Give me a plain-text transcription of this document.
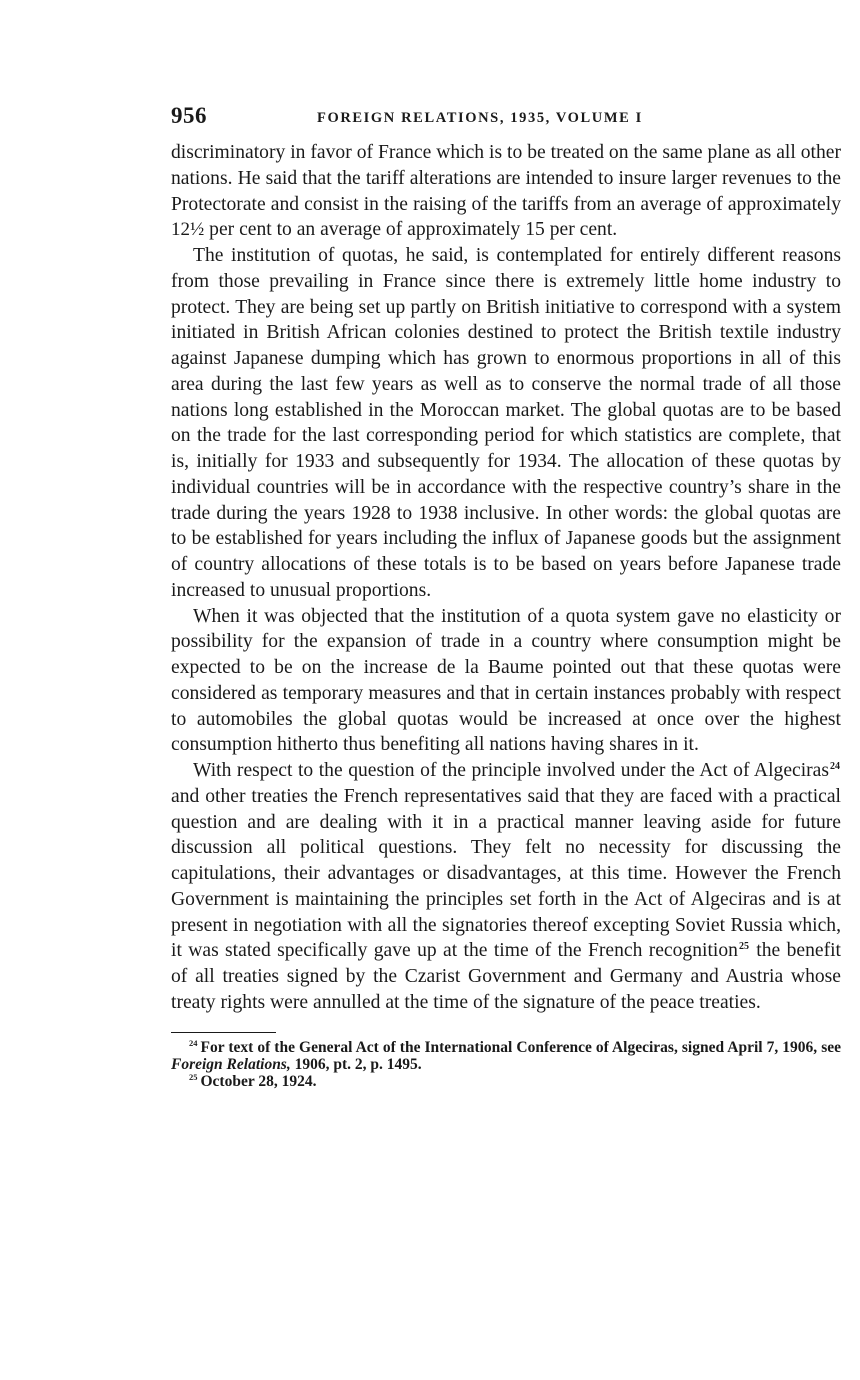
956	FOREIGN RELATIONS, 1935, VOLUME I

discriminatory in favor of France which is to be treated on the same plane as all other nations. He said that the tariff alterations are intended to insure larger revenues to the Protectorate and consist in the raising of the tariffs from an average of approximately 12½ per cent to an average of approximately 15 per cent.

The institution of quotas, he said, is contemplated for entirely different reasons from those prevailing in France since there is extremely little home industry to protect. They are being set up partly on British initiative to correspond with a system initiated in British African colonies destined to protect the British textile industry against Japanese dumping which has grown to enormous proportions in all of this area during the last few years as well as to conserve the normal trade of all those nations long established in the Moroccan market. The global quotas are to be based on the trade for the last corresponding period for which statistics are complete, that is, initially for 1933 and subsequently for 1934. The allocation of these quotas by individual countries will be in accordance with the respective country’s share in the trade during the years 1928 to 1938 inclusive. In other words: the global quotas are to be established for years including the influx of Japanese goods but the assignment of country allocations of these totals is to be based on years before Japanese trade increased to unusual proportions.

When it was objected that the institution of a quota system gave no elasticity or possibility for the expansion of trade in a country where consumption might be expected to be on the increase de la Baume pointed out that these quotas were considered as temporary measures and that in certain instances probably with respect to automobiles the global quotas would be increased at once over the highest consumption hitherto thus benefiting all nations having shares in it.

With respect to the question of the principle involved under the Act of Algeciras$^{24}$ and other treaties the French representatives said that they are faced with a practical question and are dealing with it in a practical manner leaving aside for future discussion all political questions. They felt no necessity for discussing the capitulations, their advantages or disadvantages, at this time. However the French Government is maintaining the principles set forth in the Act of Algeciras and is at present in negotiation with all the signatories thereof excepting Soviet Russia which, it was stated specifically gave up at the time of the French recognition$^{25}$ the benefit of all treaties signed by the Czarist Government and Germany and Austria whose treaty rights were annulled at the time of the signature of the peace treaties.

$^{24}$ For text of the General Act of the International Conference of Algeciras, signed April 7, 1906, see Foreign Relations, 1906, pt. 2, p. 1495.

$^{25}$ October 28, 1924.
